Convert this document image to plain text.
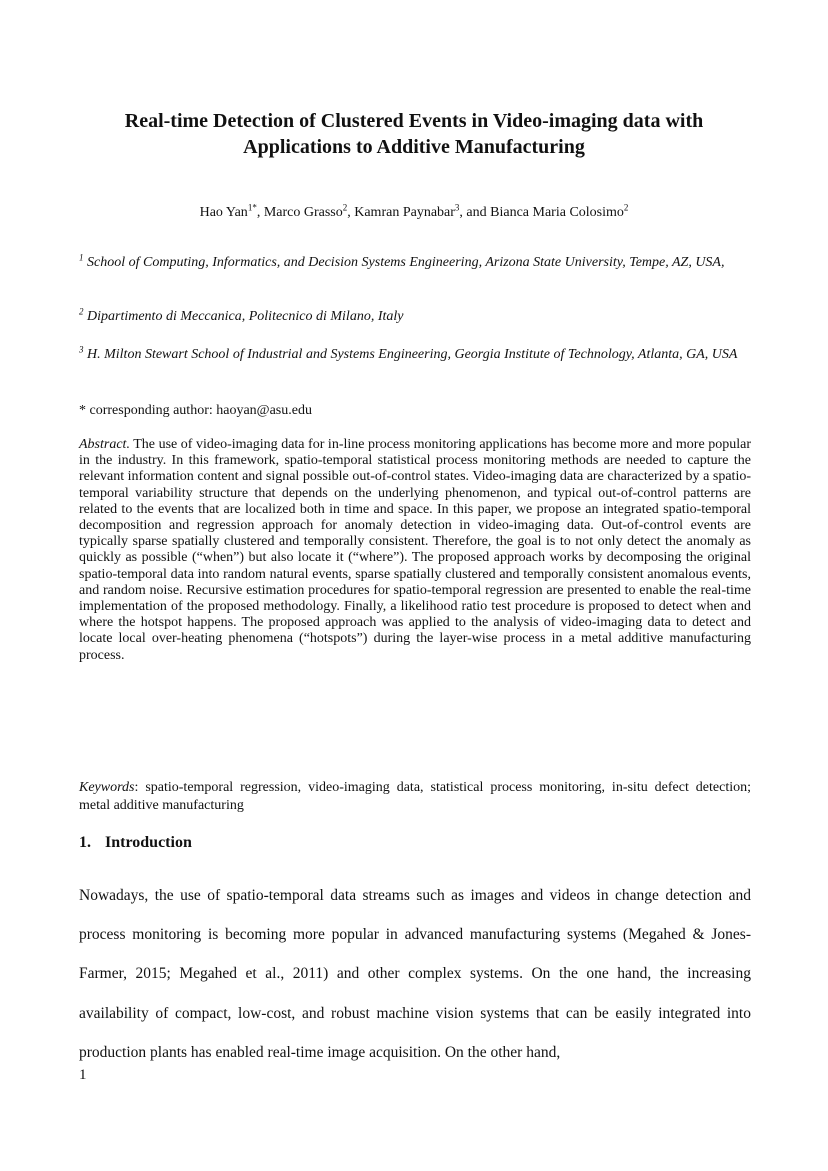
Real-time Detection of Clustered Events in Video-imaging data with
Applications to Additive Manufacturing
Hao Yan$^{1*}$, Marco Grasso$^2$, Kamran Paynabar$^3$, and Bianca Maria Colosimo$^2$
$^1$ School of Computing, Informatics, and Decision Systems Engineering, Arizona State University, Tempe, AZ, USA,
$^2$ Dipartimento di Meccanica, Politecnico di Milano, Italy
$^3$ H. Milton Stewart School of Industrial and Systems Engineering, Georgia Institute of Technology, Atlanta, GA, USA
* corresponding author: haoyan@asu.edu

Abstract. The use of video-imaging data for in-line process monitoring applications has become more and more popular in the industry. In this framework, spatio-temporal statistical process monitoring methods are needed to capture the relevant information content and signal possible out-of-control states. Video-imaging data are characterized by a spatio-temporal variability structure that depends on the underlying phenomenon, and typical out-of-control patterns are related to the events that are localized both in time and space. In this paper, we propose an integrated spatio-temporal decomposition and regression approach for anomaly detection in video-imaging data. Out-of-control events are typically sparse spatially clustered and temporally consistent. Therefore, the goal is to not only detect the anomaly as quickly as possible (“when”) but also locate it (“where”). The proposed approach works by decomposing the original spatio-temporal data into random natural events, sparse spatially clustered and temporally consistent anomalous events, and random noise. Recursive estimation procedures for spatio-temporal regression are presented to enable the real-time implementation of the proposed methodology. Finally, a likelihood ratio test procedure is proposed to detect when and where the hotspot happens. The proposed approach was applied to the analysis of video-imaging data to detect and locate local over-heating phenomena (“hotspots”) during the layer-wise process in a metal additive manufacturing process.

Keywords: spatio-temporal regression, video-imaging data, statistical process monitoring, in-situ defect detection; metal additive manufacturing

1. Introduction

Nowadays, the use of spatio-temporal data streams such as images and videos in change detection and process monitoring is becoming more popular in advanced manufacturing systems (Megahed & Jones-Farmer, 2015; Megahed et al., 2011) and other complex systems. On the one hand, the increasing availability of compact, low-cost, and robust machine vision systems that can be easily integrated into production plants has enabled real-time image acquisition. On the other hand,

1
